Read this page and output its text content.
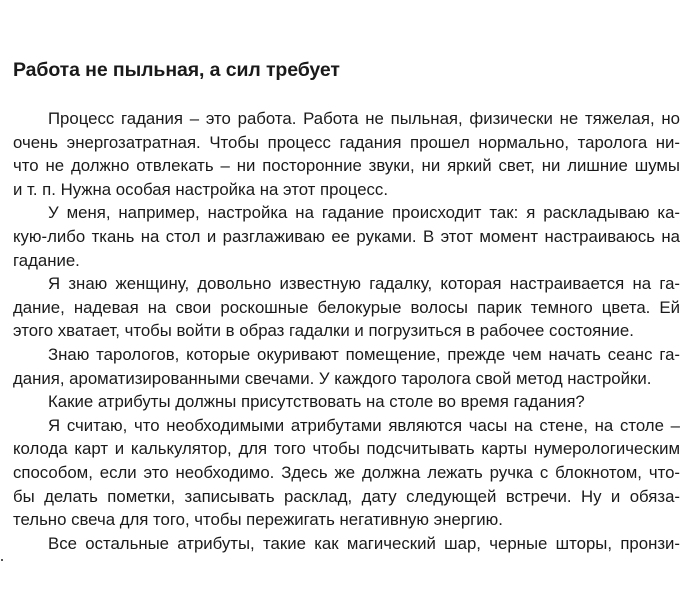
Работа не пыльная, а сил требует
Процесс гадания – это работа. Работа не пыльная, физически не тяжелая, но
очень энергозатратная. Чтобы процесс гадания прошел нормально, таролога ни-
что не должно отвлекать – ни посторонние звуки, ни яркий свет, ни лишние шумы
и т. п. Нужна особая настройка на этот процесс.
У меня, например, настройка на гадание происходит так: я раскладываю ка-
кую-либо ткань на стол и разглаживаю ее руками. В этот момент настраиваюсь на
гадание.
Я знаю женщину, довольно известную гадалку, которая настраивается на га-
дание, надевая на свои роскошные белокурые волосы парик темного цвета. Ей
этого хватает, чтобы войти в образ гадалки и погрузиться в рабочее состояние.
Знаю тарологов, которые окуривают помещение, прежде чем начать сеанс га-
дания, ароматизированными свечами. У каждого таролога свой метод настройки.
Какие атрибуты должны присутствовать на столе во время гадания?
Я считаю, что необходимыми атрибутами являются часы на стене, на столе –
колода карт и калькулятор, для того чтобы подсчитывать карты нумерологическим
способом, если это необходимо. Здесь же должна лежать ручка с блокнотом, что-
бы делать пометки, записывать расклад, дату следующей встречи. Ну и обяза-
тельно свеча для того, чтобы пережигать негативную энергию.
Все остальные атрибуты, такие как магический шар, черные шторы, пронзи-
